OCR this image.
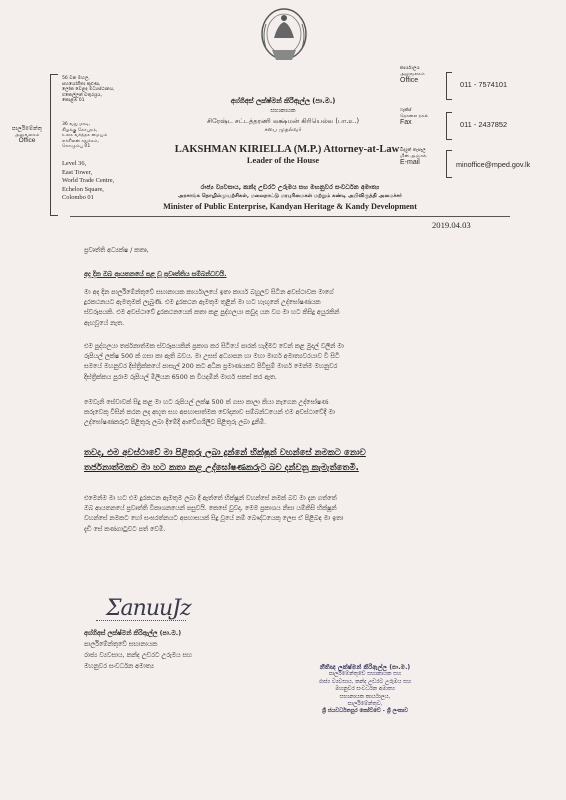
පාර්ලිමේන්තු
அலுவலகம்
Office
56 වන මහල,
සහයෝගිතා කුළුණ,
ලෝක වෙළඳ මධ්‍යස්ථානය,
එකෙල්ලන් චතුරශ්‍රය,
කොළඹ 01
36 வது மாடி,
கிழக்கு கோபுரம்,
உலக வர்த்தக மையம்
எச்சிலன் சதுக்கம்,
கொழும்பு 01
Level 36,
East Tower,
World Trade Centre,
Echelon Square,
Colombo 01
අග්ගිඅස් ලක්ෂ්මන් කිරිඇල්ල (පා.ම.)
සභානායක
சிரேஷ்ட சட்டத்தரணி லக்ஷ்மன் கிரியெல்ல (பா.உ.)
சபை முதல்வர்
LAKSHMAN KIRIELLA (M.P.) Attorney-at-Law
Leader of the House
රාජ්‍ය ව්‍යවසාය, කන්ද උඩරට උරුමය සහ මහනුවර සංවර්ධන අමාත්‍ය
அரசாங்க தொழில்முயற்சிகள், மலைநாட்டு மரபுரிமைகள் மற்றும் கண்டி அபிவிருத்தி அமைச்சர்
Minister of Public Enterprise, Kandyan Heritage & Kandy Development
කාර්යාලය
அலுவலகம்
Office	011 - 7574101
ෆැක්ස්
தொலை நகல்
Fax	011 - 2437852
විද්‍යුත් තැපෑල
மின் அஞ்சல்
E-mail	minoffice@mped.gov.lk
2019.04.03
ප්‍රවෘත්ති අධ්‍යක්ෂ / කතෘ,
අද දින ඔබ ආයතනයේ පළ වූ ප්‍රවෘත්තිය සම්බන්ධවයි.
මා අද දින පාර්ලිමේන්තුවේ සභානායක කාර්යාලයේ ඉතා කාර්ය බහුලව සිටින අවස්ථාවක මාගේ
දුරකථනයට ඇමතුමක් ලැබුණි. එම දුරකථන ඇමතුම තුළින් මා හට හැඟුනේ උද්ඝෝෂණයක
ස්වරූපයකි. එම අවස්ථාවේ දුරකථනයෙන් කතා කළ පුද්ගලයා කවුද යන වග මා හට කිසිදු අයුරකින්
ඇඟවූයේ නැත.
එම පුද්ගලයා තර්ජනාත්මක ස්වරූපයකින් ප්‍රකාශ කර සිටියේ පාරක් හැදීමට වෙන් කළ මුදල් වලින් මා
රුපියල් ලක්ෂ 500 ක් ගසා කා ඇති බවය. මා උසස් අධ්‍යාපන හා මහා මාර්ග අමාත්‍යවරයාව වී සිටි
සමයේ මහනුවර දිස්ත්‍රික්කයේ පාසැල් 200 කට අධික ප්‍රමාණයකට පිවිසුම් මාර්ග මෙන්ම මහනුවර
දිස්ත්‍රික්කය පුරාම රුපියල් මිලියන 6500 ක වියදමින් මාර්ග සකස් කර ඇත.
මෙවැනි සේවාවක් සිදු කළ මා හට රුපියල් ලක්ෂ 500 ක් ගසා කාලා කියා නැගෙන උද්ඝෝෂණ
කරුවෙකු විසින් කරන ලද අභූත සහ අපහාසාත්මක චෝදනාව සම්බන්ධයෙන් එම අවස්ථාවේදී මා
උද්ඝෝෂණකරුට පිළිතුරු ලබා දීමේදී ආවේගශීලීව පිළිතුරු ලබා දුනිමි.
තවද, එම අවස්ථාවේ මා පිළිතුරු ලබා දුන්නේ භික්ෂූන් වහන්සේ නමකට නොව
තර්ජනාත්මකව මා හට කතා කළ උද්ඝෝෂණකරුට බව දන්වනු කැමැත්තෙමි.
එමෙන්ම මා හට එම දුරකථන ඇමතුම ලබා දී ඇත්තේ භික්ෂූන් වහන්සේ නමක් බව මා දැන ගත්තේ
ඔබ ආයතනයේ ප්‍රවෘත්ති විකාශනයෙන් පසුවයි. කෙසේ වුවද, මෙම ප්‍රකාශය නිසා යම්කිසි භික්ෂූන්
වහන්සේ නමකට හෝ සංඝරත්නයට අපහාසයක් සිදු වූයේ නම් බෞද්ධයෙකු ලෙස ඒ පිළිබඳ මා ඉතා
දැඩි සේ කණගාටුවට පත් වෙමි.
ΣanuuJz
අග්ගිඅස් ලක්ෂ්මන් කිරිඇල්ල (පා.ම.)
පාර්ලිමේන්තුවේ සභානායක
රාජ්‍ය ව්‍යවසාය, කන්ද උඩරට උරුමය සහ
මහනුවර සංවර්ධන අමාත්‍ය	නීතිඥ ලක්ෂ්මන් කිරිඇල්ල (පා.ම.)
පාර්ලිමේන්තුවේ සභානායක සහ
රාජ්‍ය ව්‍යවසාය, කන්ද උඩරට උරුමය සහ
මහනුවර සංවර්ධන අමාත්‍ය
සභානායක කාර්යාලය,
පාර්ලිමේන්තුව,
ශ්‍රී ජයවර්ධනපුර කෝට්ටේ - ශ්‍රී ලංකාව
